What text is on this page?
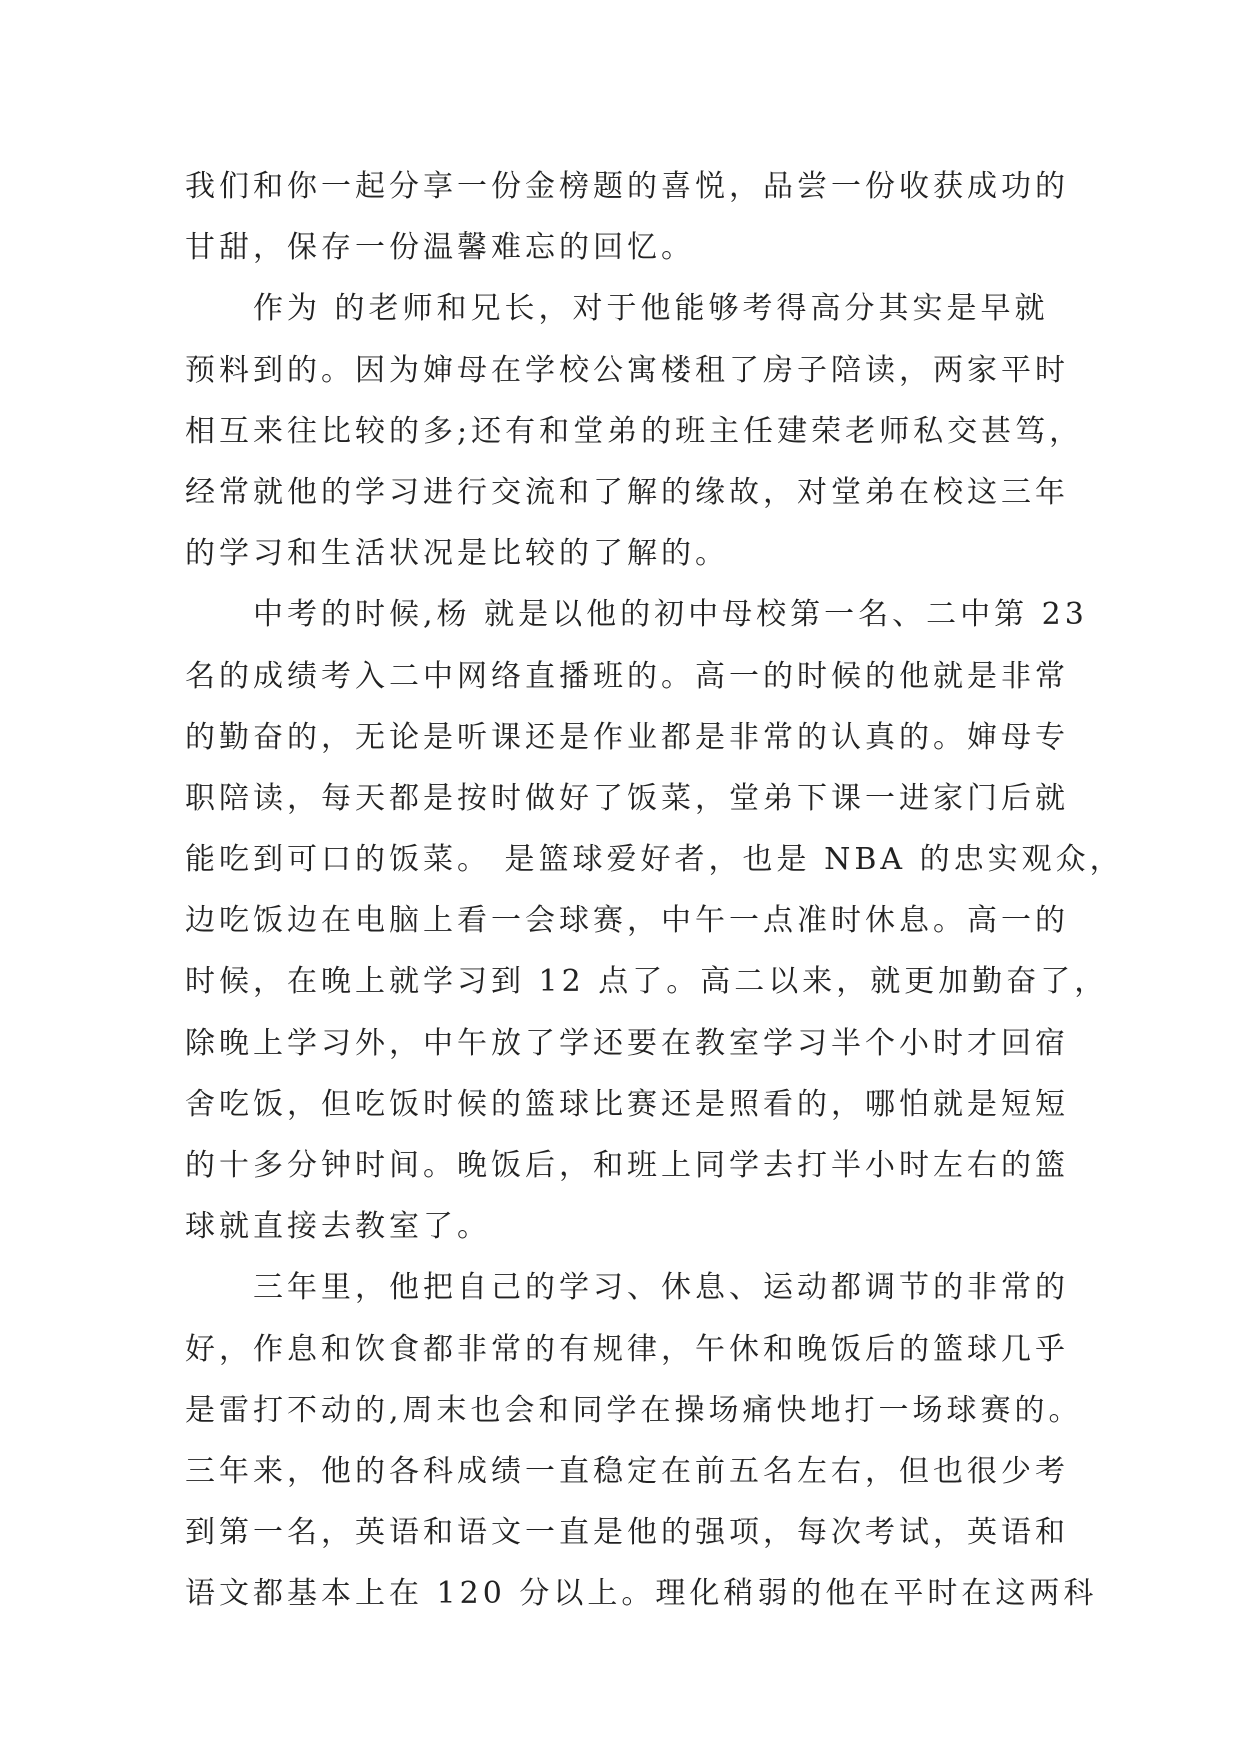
我们和你一起分享一份金榜题的喜悦，品尝一份收获成功的
甘甜，保存一份温馨难忘的回忆。
作为 的老师和兄长，对于他能够考得高分其实是早就
预料到的。因为婶母在学校公寓楼租了房子陪读，两家平时
相互来往比较的多;还有和堂弟的班主任建荣老师私交甚笃，
经常就他的学习进行交流和了解的缘故，对堂弟在校这三年
的学习和生活状况是比较的了解的。
中考的时候,杨 就是以他的初中母校第一名、二中第 23
名的成绩考入二中网络直播班的。高一的时候的他就是非常
的勤奋的，无论是听课还是作业都是非常的认真的。婶母专
职陪读，每天都是按时做好了饭菜，堂弟下课一进家门后就
能吃到可口的饭菜。 是篮球爱好者，也是 NBA 的忠实观众，
边吃饭边在电脑上看一会球赛，中午一点准时休息。高一的
时候，在晚上就学习到 12 点了。高二以来，就更加勤奋了，
除晚上学习外，中午放了学还要在教室学习半个小时才回宿
舍吃饭，但吃饭时候的篮球比赛还是照看的，哪怕就是短短
的十多分钟时间。晚饭后，和班上同学去打半小时左右的篮
球就直接去教室了。
三年里，他把自己的学习、休息、运动都调节的非常的
好，作息和饮食都非常的有规律，午休和晚饭后的篮球几乎
是雷打不动的,周末也会和同学在操场痛快地打一场球赛的。
三年来，他的各科成绩一直稳定在前五名左右，但也很少考
到第一名，英语和语文一直是他的强项，每次考试，英语和
语文都基本上在 120 分以上。理化稍弱的他在平时在这两科
